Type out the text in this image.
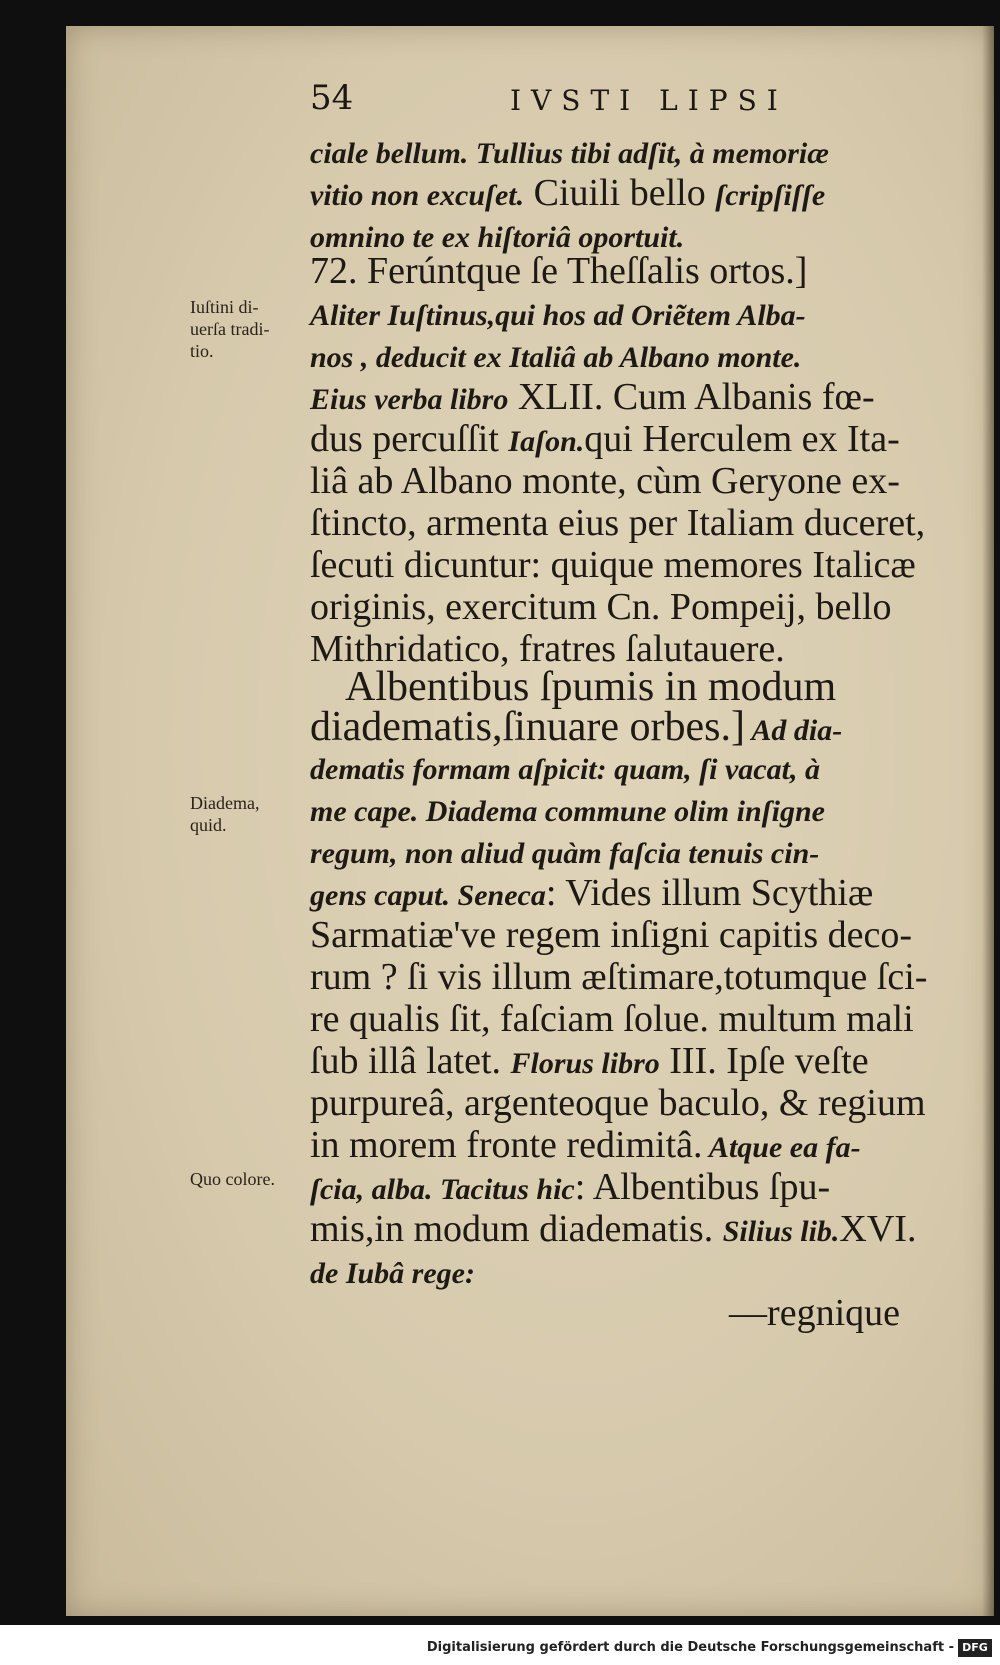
54	IVSTI LIPSI
ciale bellum. Tullius tibi adſit, à memoriæ
vitio non excuſet. Ciuili bello ſcripſiſſe
omnino te ex hiſtoriâ oportuit.
72. Ferúntque ſe Theſſalis ortos.]
Aliter Iuſtinus,qui hos ad Oriẽtem Alba-
nos , deducit ex Italiâ ab Albano monte.
Eius verba libro XLII. Cum Albanis fœ-
dus percuſſit Iaſon.qui Herculem ex Ita-
liâ ab Albano monte, cùm Geryone ex-
ſtincto, armenta eius per Italiam duceret,
ſecuti dicuntur: quique memores Italicæ
originis, exercitum Cn. Pompeij, bello
Mithridatico, fratres ſalutauere.
Albentibus ſpumis in modum
diadematis,ſinuare orbes.] Ad dia-
dematis formam aſpicit: quam, ſi vacat, à
me cape. Diadema commune olim inſigne
regum, non aliud quàm faſcia tenuis cin-
gens caput. Seneca: Vides illum Scythiæ
Sarmatiæ've regem inſigni capitis deco-
rum ? ſi vis illum æſtimare,totumque ſci-
re qualis ſit, faſciam ſolue. multum mali
ſub illâ latet. Florus libro III. Ipſe veſte
purpureâ, argenteoque baculo, & regium
in morem fronte redimitâ. Atque ea fa-
ſcia, alba. Tacitus hic: Albentibus ſpu-
mis,in modum diadematis. Silius lib.XVI.
de Iubâ rege:
—regnique
Iuſtini di-
uerſa tradi-
tio.
Diadema,
quid.
Quo colore.
Digitalisierung gefördert durch die Deutsche Forschungsgemeinschaft - DFG
